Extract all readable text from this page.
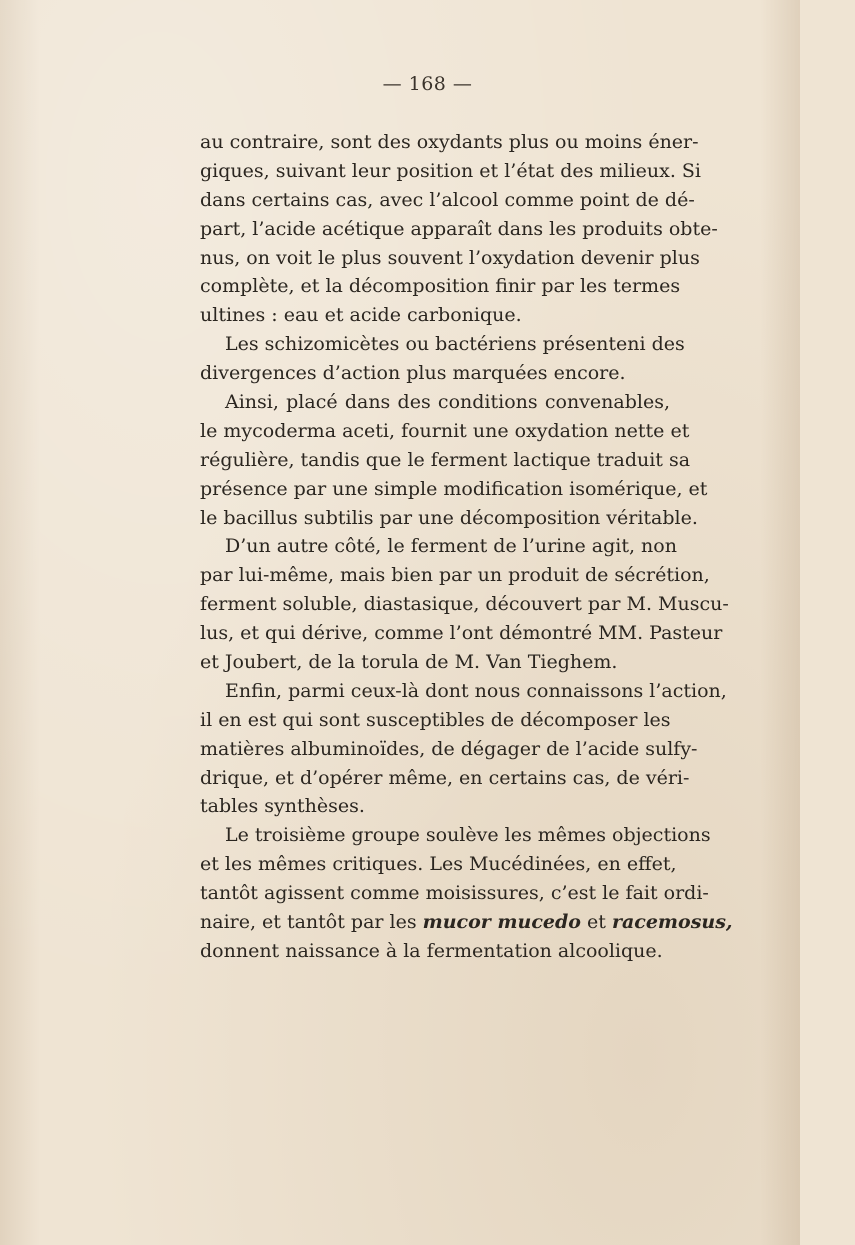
— 168 —
au contraire, sont des oxydants plus ou moins éner-
giques, suivant leur position et l’état des milieux. Si
dans certains cas, avec l’alcool comme point de dé-
part, l’acide acétique apparaît dans les produits obte-
nus, on voit le plus souvent l’oxydation devenir plus
complète, et la décomposition finir par les termes
ultines : eau et acide carbonique.
Les schizomicètes ou bactériens présenteni des
divergences d’action plus marquées encore.
Ainsi, placé dans des conditions convenables,
le mycoderma aceti, fournit une oxydation nette et
régulière, tandis que le ferment lactique traduit sa
présence par une simple modification isomérique, et
le bacillus subtilis par une décomposition véritable.
D’un autre côté, le ferment de l’urine agit, non
par lui-même, mais bien par un produit de sécrétion,
ferment soluble, diastasique, découvert par M. Muscu-
lus, et qui dérive, comme l’ont démontré MM. Pasteur
et Joubert, de la torula de M. Van Tieghem.
Enfin, parmi ceux-là dont nous connaissons l’action,
il en est qui sont susceptibles de décomposer les
matières albuminoïdes, de dégager de l’acide sulfy-
drique, et d’opérer même, en certains cas, de véri-
tables synthèses.
Le troisième groupe soulève les mêmes objections
et les mêmes critiques. Les Mucédinées, en effet,
tantôt agissent comme moisissures, c’est le fait ordi-
naire, et tantôt par les mucor mucedo et racemosus,
donnent naissance à la fermentation alcoolique.
